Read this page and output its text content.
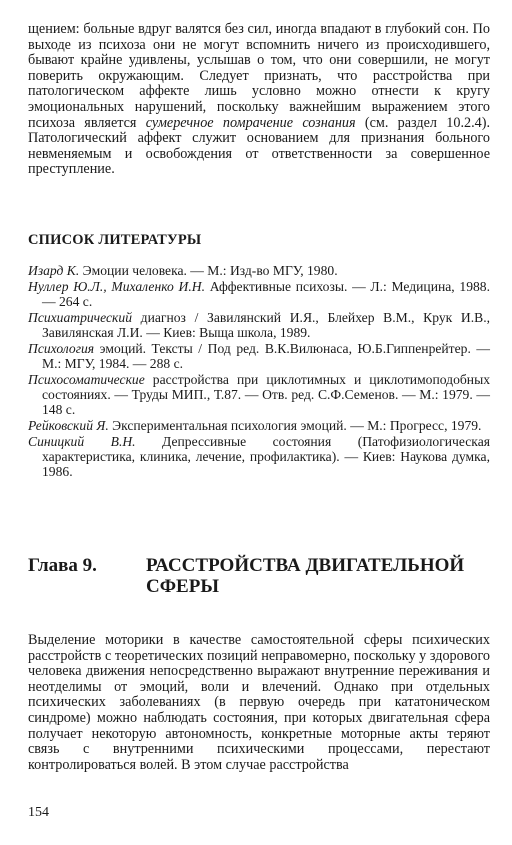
щением: больные вдруг валятся без сил, иногда впадают в глубокий сон. По выходе из психоза они не могут вспомнить ничего из происходившего, бывают крайне удивлены, услышав о том, что они совершили, не могут поверить окружающим. Следует признать, что расстройства при патологическом аффекте лишь условно можно отнести к кругу эмоциональных нарушений, поскольку важнейшим выражением этого психоза является сумеречное помрачение сознания (см. раздел 10.2.4). Патологический аффект служит основанием для признания больного невменяемым и освобождения от ответственности за совершенное преступление.

СПИСОК ЛИТЕРАТУРЫ
Изард К. Эмоции человека. — М.: Изд-во МГУ, 1980.
Нуллер Ю.Л., Михаленко И.Н. Аффективные психозы. — Л.: Медицина, 1988. — 264 с.
Психиатрический диагноз / Завилянский И.Я., Блейхер В.М., Крук И.В., Завилянская Л.И. — Киев: Выща школа, 1989.
Психология эмоций. Тексты / Под ред. В.К.Вилюнаса, Ю.Б.Гиппенрейтер. — М.: МГУ, 1984. — 288 с.
Психосоматические расстройства при циклотимных и циклотимоподобных состояниях. — Труды МИП., Т.87. — Отв. ред. С.Ф.Семенов. — М.: 1979. — 148 с.
Рейковский Я. Экспериментальная психология эмоций. — М.: Прогресс, 1979.
Синицкий В.Н. Депрессивные состояния (Патофизиологическая характеристика, клиника, лечение, профилактика). — Киев: Наукова думка, 1986.
Глава 9.	РАССТРОЙСТВА ДВИГАТЕЛЬНОЙ
СФЕРЫ

Выделение моторики в качестве самостоятельной сферы психических расстройств с теоретических позиций неправомерно, поскольку у здорового человека движения непосредственно выражают внутренние переживания и неотделимы от эмоций, воли и влечений. Однако при отдельных психических заболеваниях (в первую очередь при кататоническом синдроме) можно наблюдать состояния, при которых двигательная сфера получает некоторую автономность, конкретные моторные акты теряют связь с внутренними психическими процессами, перестают контролироваться волей. В этом случае расстройства

154
